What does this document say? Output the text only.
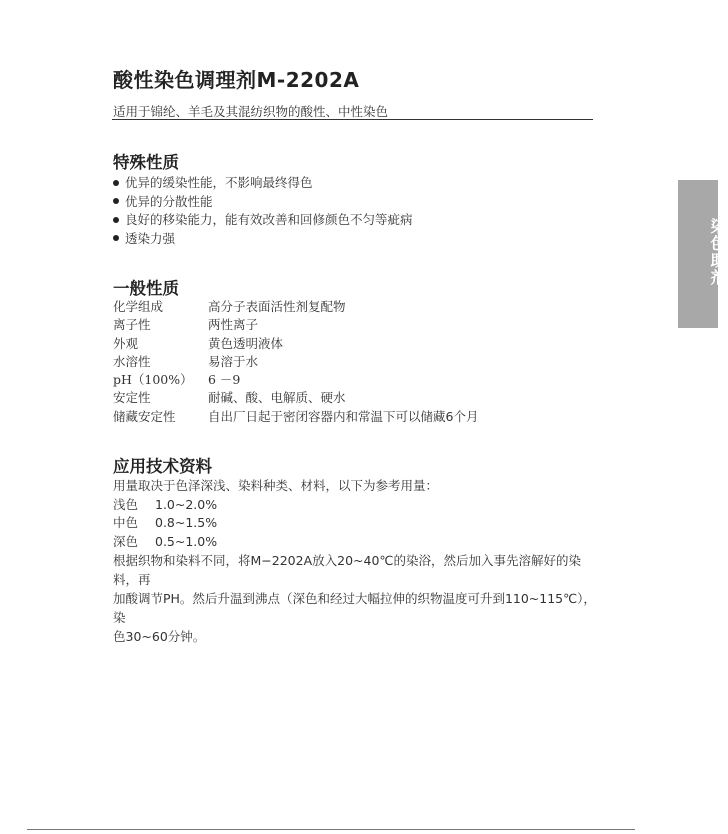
酸性染色调理剂M-2202A
适用于锦纶、羊毛及其混纺织物的酸性、中性染色
特殊性质
优异的缓染性能，不影响最终得色
优异的分散性能
良好的移染能力，能有效改善和回修颜色不匀等疵病
透染力强
一般性质
化学组成	高分子表面活性剂复配物
离子性	两性离子
外观	黄色透明液体
水溶性	易溶于水
pH（100%） 6 －9
安定性	耐碱、酸、电解质、硬水
储藏安定性	自出厂日起于密闭容器内和常温下可以储藏6个月
应用技术资料
用量取决于色泽深浅、染料种类、材料，以下为参考用量：
浅色 1.0~2.0%
中色 0.8~1.5%
深色 0.5~1.0%
根据织物和染料不同，将M−2202A放入20~40℃的染浴，然后加入事先溶解好的染料，再
加酸调节PH。然后升温到沸点（深色和经过大幅拉伸的织物温度可升到110~115℃），染
色30~60分钟。
染色助剂
